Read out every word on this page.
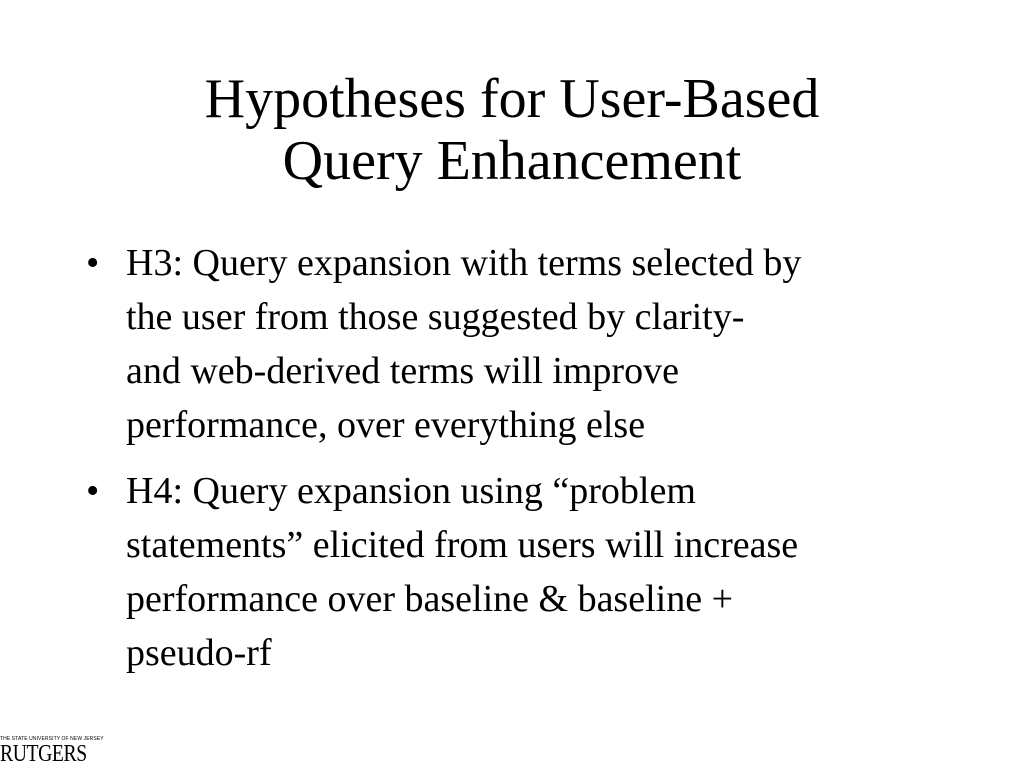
Hypotheses for User-Based
Query Enhancement
• H3: Query expansion with terms selected by
the user from those suggested by clarity-
and web-derived terms will improve
performance, over everything else
• H4: Query expansion using “problem
statements” elicited from users will increase
performance over baseline & baseline +
pseudo-rf
THE STATE UNIVERSITY OF NEW JERSEY
RUTGERS
